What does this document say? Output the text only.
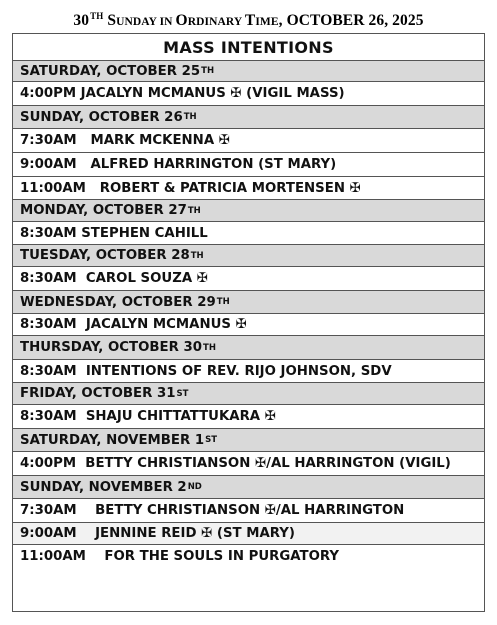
30TH SUNDAY IN ORDINARY TIME, OCTOBER 26, 2025
MASS INTENTIONS
SATURDAY, OCTOBER 25 TH
4:00PM JACALYN MCMANUS ✠ (VIGIL MASS)
SUNDAY, OCTOBER 26 TH
7:30AM   MARK MCKENNA ✠
9:00AM   ALFRED HARRINGTON (ST MARY)
11:00AM   ROBERT & PATRICIA MORTENSEN ✠
MONDAY, OCTOBER 27 TH
8:30AM STEPHEN CAHILL
TUESDAY, OCTOBER 28 TH
8:30AM  CAROL SOUZA ✠
WEDNESDAY, OCTOBER 29 TH
8:30AM  JACALYN MCMANUS ✠
THURSDAY, OCTOBER 30 TH
8:30AM  INTENTIONS OF REV. RIJO JOHNSON, SDV
FRIDAY, OCTOBER 31 ST
8:30AM  SHAJU CHITTATTUKARA ✠
SATURDAY, NOVEMBER 1 ST
4:00PM  BETTY CHRISTIANSON ✠/AL HARRINGTON (VIGIL)
SUNDAY, NOVEMBER 2 ND
7:30AM    BETTY CHRISTIANSON ✠/AL HARRINGTON
9:00AM    JENNINE REID ✠ (ST MARY)
11:00AM    FOR THE SOULS IN PURGATORY
